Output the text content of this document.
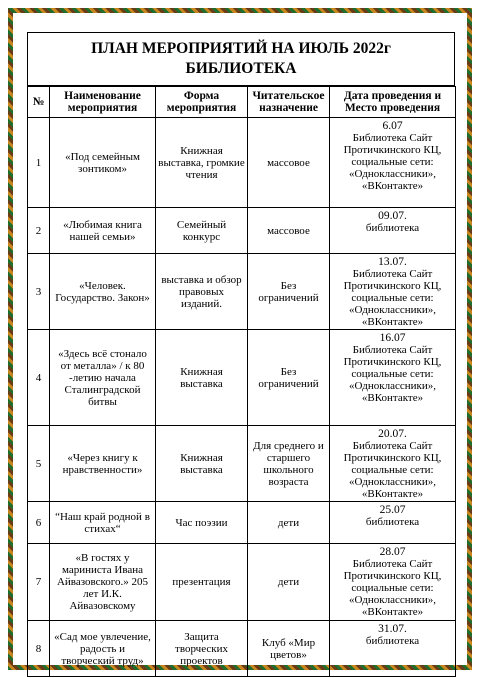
ПЛАН МЕРОПРИЯТИЙ НА ИЮЛЬ 2022г
БИБЛИОТЕКА
№	Наименование мероприятия	Форма мероприятия	Читательское назначение	Дата проведения и Место проведения
1	«Под семейным зонтиком»	Книжная выставка, громкие чтения	массовое	6.07
Библиотека Сайт Протичкинского КЦ, социальные сети: «Одноклассники», «ВКонтакте»
2	«Любимая книга нашей семьи»	Семейный конкурс	массовое	09.07.
библиотека
3	«Человек. Государство. Закон»	выставка и обзор правовых изданий.	Без ограничений	13.07.
Библиотека Сайт Протичкинского КЦ, социальные сети: «Одноклассники», «ВКонтакте»
4	«Здесь всё стонало от металла» / к 80 -летию начала Сталинградской битвы	Книжная выставка	Без ограничений	16.07
Библиотека Сайт Протичкинского КЦ, социальные сети: «Одноклассники», «ВКонтакте»
5	«Через книгу к нравственности»	Книжная выставка	Для среднего и старшего школьного возраста	20.07.
Библиотека Сайт Протичкинского КЦ, социальные сети: «Одноклассники», «ВКонтакте»
6	“Наш край родной в стихах“	Час поэзии	дети	25.07
библиотека
7	«В гостях у мариниста Ивана Айвазовского.» 205 лет И.К. Айвазовскому	презентация	дети	28.07
Библиотека Сайт Протичкинского КЦ, социальные сети: «Одноклассники», «ВКонтакте»
8	«Сад мое увлечение, радость и творческий труд»	Защита творческих проектов	Клуб «Мир цветов»	31.07.
библиотека
